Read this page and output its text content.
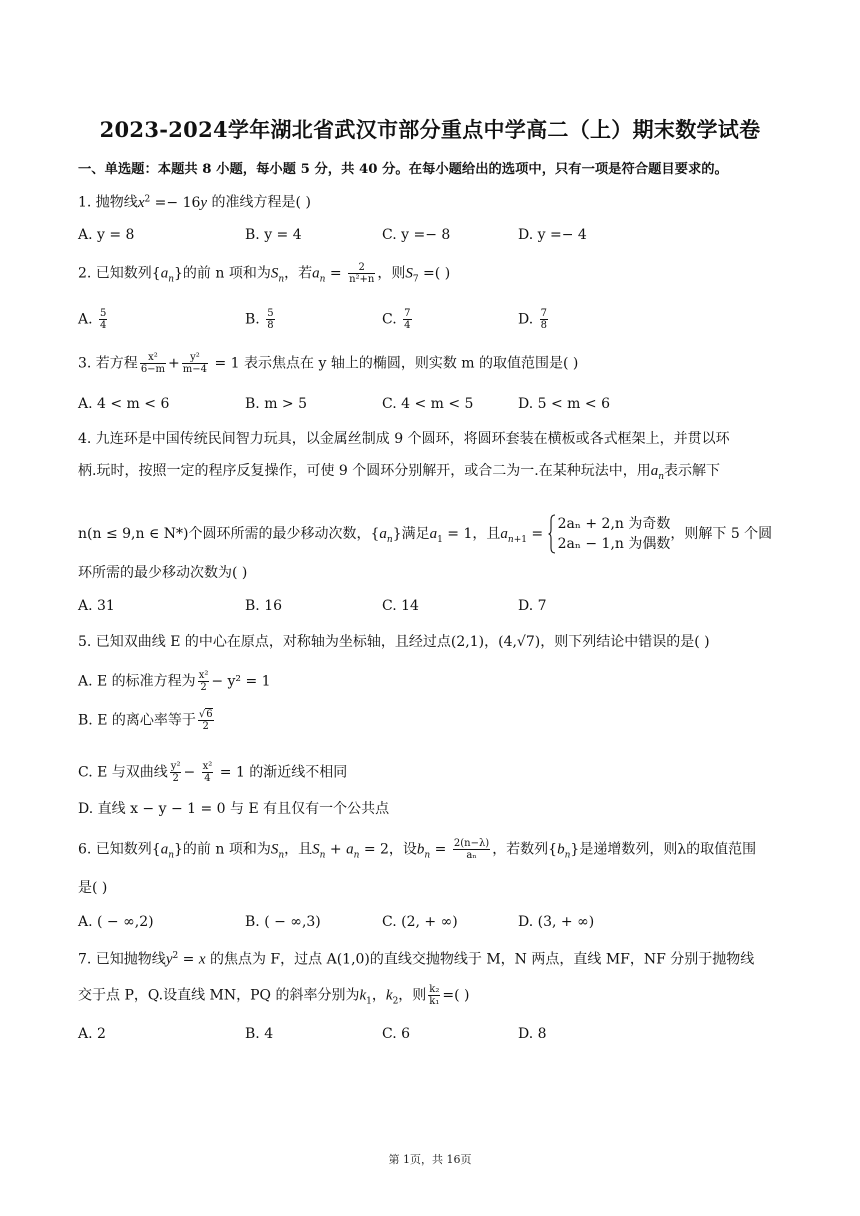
2023-2024学年湖北省武汉市部分重点中学高二（上）期末数学试卷
一、单选题：本题共 8 小题，每小题 5 分，共 40 分。在每小题给出的选项中，只有一项是符合题目要求的。
1. 抛物线$x^2 =- 16y$ 的准线方程是( )
A. y = 8	B. y = 4	C. y =− 8	D. y =− 4
2. 已知数列$\{a_n\}$的前 n 项和为$S_n$，若$a_n = \frac{2}{\text{n²+n}}$ ，则$S_7$ =( )
A. $\frac{5}{4}$	B. $\frac{5}{8}$	C. $\frac{7}{4}$	D. $\frac{7}{8}$
3. 若方程 $\frac{\text{x²}}{6-m} + \frac{\text{y²}}{m-4} = 1$ 表示焦点在 y 轴上的椭圆，则实数 m 的取值范围是( )
A. 4 < m < 6	B. m > 5	C. 4 < m < 5	D. 5 < m < 6
4. 九连环是中国传统民间智力玩具，以金属丝制成 9 个圆环，将圆环套装在横板或各式框架上，并贯以环
柄.玩时，按照一定的程序反复操作，可使 9 个圆环分别解开，或合二为一.在某种玩法中，用$a_n$表示解下
n(n ≤ 9,n ∈ N*)个圆环所需的最少移动次数，$\{a_n\}$满足$a_1 = 1$，且$a_{n+1}$ =
2aₙ + 2,n 为奇数
2aₙ − 1,n 为偶数
，则解下 5 个圆
环所需的最少移动次数为( )
A. 31	B. 16	C. 14	D. 7
5. 已知双曲线 E 的中心在原点，对称轴为坐标轴，且经过点(2,1)，(4,√7)，则下列结论中错误的是( )
A. E 的标准方程为 $\frac{\text{x²}}{2} - y^2 = 1$
B. E 的离心率等于 $\frac{√6}{2}$
C. E 与双曲线 $\frac{\text{y²}}{2} - \frac{\text{x²}}{4} = 1$ 的渐近线不相同
D. 直线 x − y − 1 = 0 与 E 有且仅有一个公共点
6. 已知数列$\{a_n\}$的前 n 项和为$S_n$，且$S_n + a_n = 2$，设$b_n = \frac{2(n-\lambda)}{\text{aₙ}}$ ，若数列$\{b_n\}$是递增数列，则λ的取值范围
是( )
A. ( − ∞,2)	B. ( − ∞,3)	C. (2, + ∞)	D. (3, + ∞)
7. 已知抛物线$y^2 = x$ 的焦点为 F，过点 A(1,0)的直线交抛物线于 M，N 两点，直线 MF，NF 分别于抛物线
交于点 P，Q.设直线 MN，PQ 的斜率分别为$k_1$，$k_2$，则 $\frac{\text{k₂}}{\text{k₁}}$ =( )
A. 2	B. 4	C. 6	D. 8
第 1页，共 16页
